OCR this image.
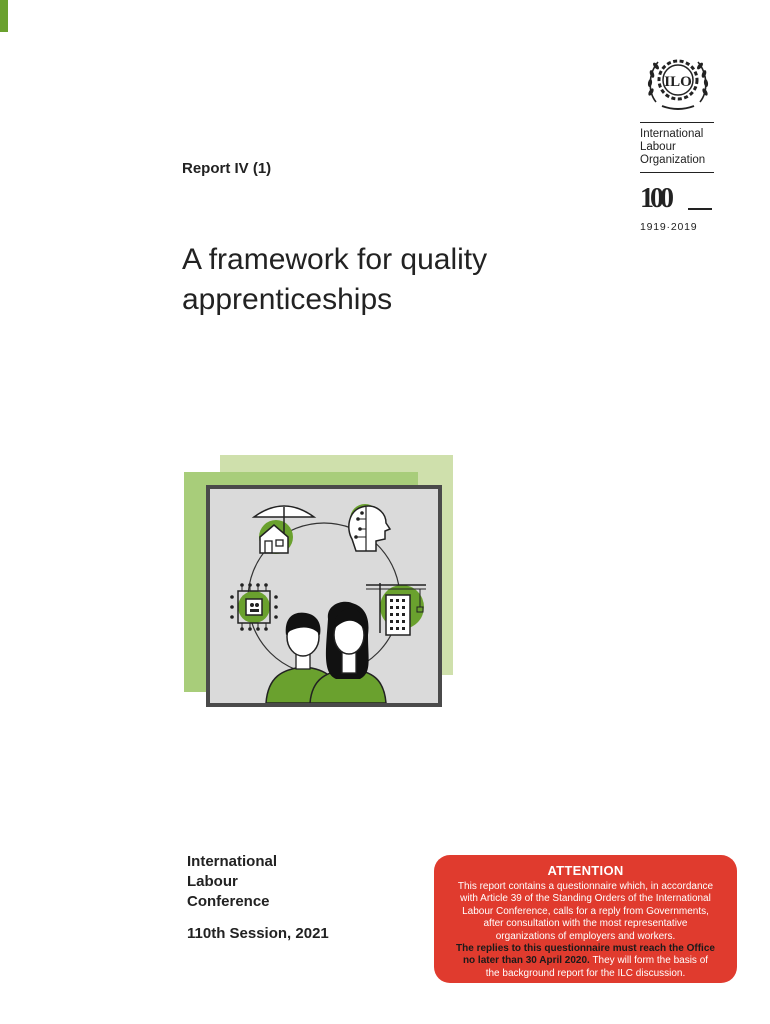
ILO
International
Labour
Organization
100
1919·2019
Report IV (1)
A framework for quality apprenticeships
International
Labour
Conference
110th Session, 2021
ATTENTION
This report contains a questionnaire which, in accordance
with Article 39 of the Standing Orders of the International
Labour Conference, calls for a reply from Governments,
after consultation with the most representative
organizations of employers and workers.
The replies to this questionnaire must reach the Office
no later than 30 April 2020. They will form the basis of
the background report for the ILC discussion.
